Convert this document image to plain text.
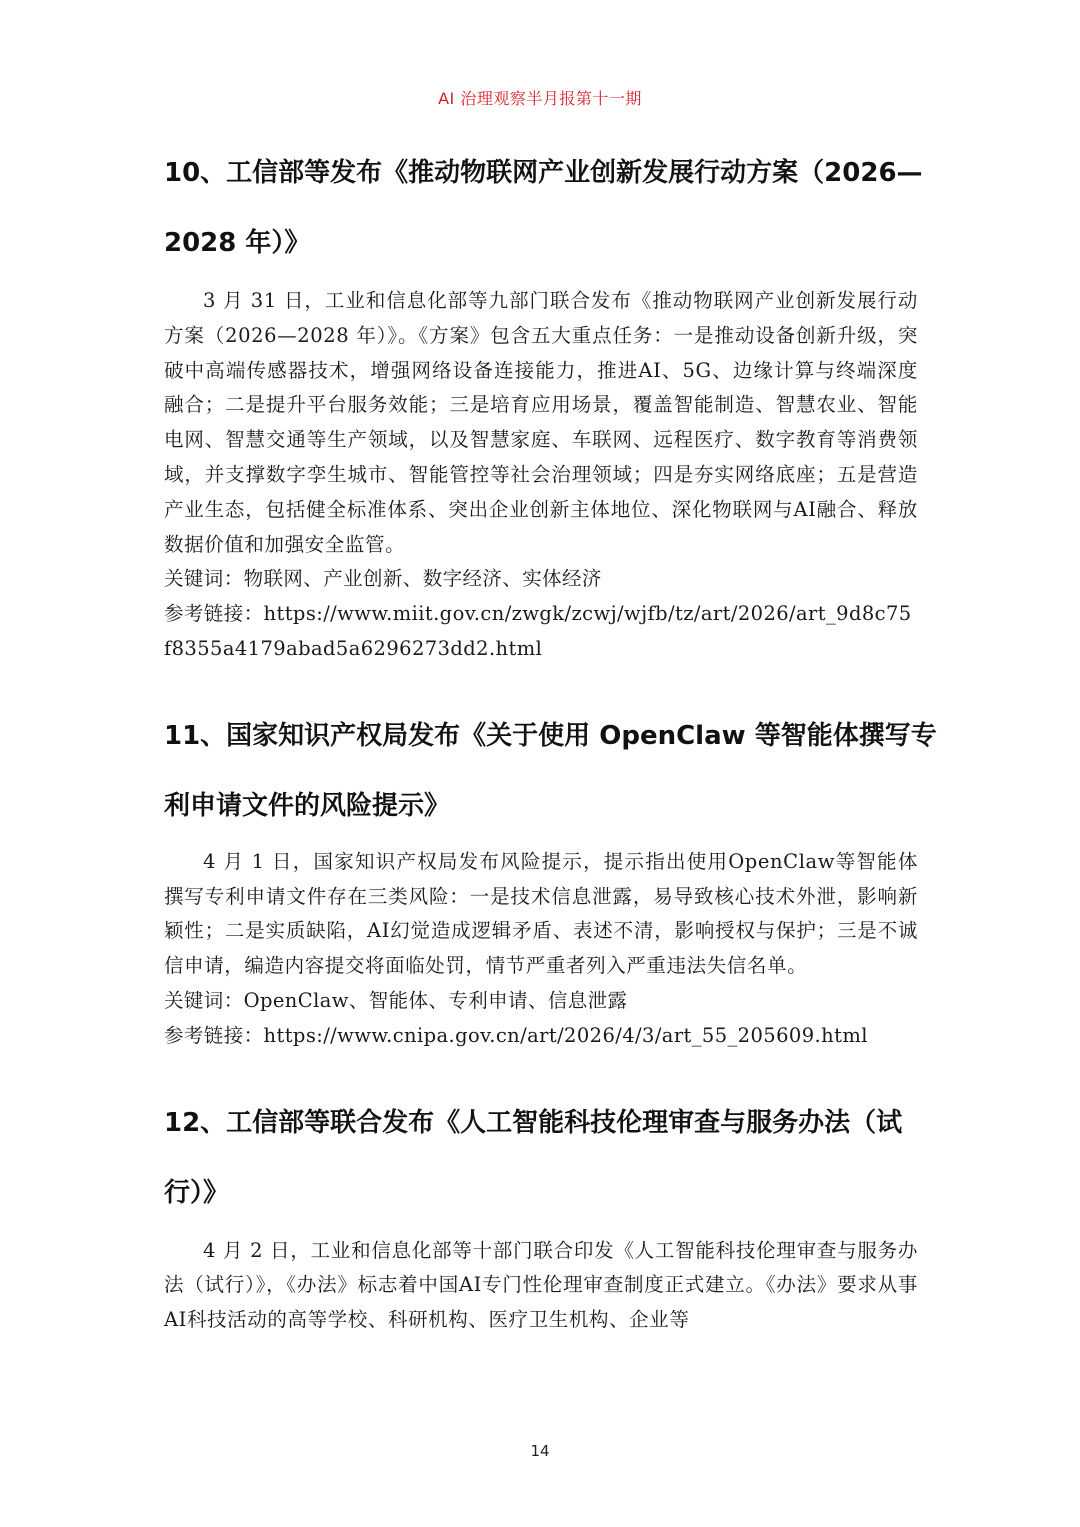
AI 治理观察半月报第十一期
10、工信部等发布《推动物联网产业创新发展行动方案（2026—
2028 年）》

3 月 31 日，工业和信息化部等九部门联合发布《推动物联网产业创新发展行动方案（2026—2028 年）》。《方案》包含五大重点任务：一是推动设备创新升级，突破中高端传感器技术，增强网络设备连接能力，推进AI、5G、边缘计算与终端深度融合；二是提升平台服务效能；三是培育应用场景，覆盖智能制造、智慧农业、智能电网、智慧交通等生产领域，以及智慧家庭、车联网、远程医疗、数字教育等消费领域，并支撑数字孪生城市、智能管控等社会治理领域；四是夯实网络底座；五是营造产业生态，包括健全标准体系、突出企业创新主体地位、深化物联网与AI融合、释放数据价值和加强安全监管。

关键词：物联网、产业创新、数字经济、实体经济

参考链接：https://www.miit.gov.cn/zwgk/zcwj/wjfb/tz/art/2026/art_9d8c75f8355a4179abad5a6296273dd2.html

11、国家知识产权局发布《关于使用 OpenClaw 等智能体撰写专
利申请文件的风险提示》

4 月 1 日，国家知识产权局发布风险提示，提示指出使用OpenClaw等智能体撰写专利申请文件存在三类风险：一是技术信息泄露，易导致核心技术外泄，影响新颖性；二是实质缺陷，AI幻觉造成逻辑矛盾、表述不清，影响授权与保护；三是不诚信申请，编造内容提交将面临处罚，情节严重者列入严重违法失信名单。

关键词：OpenClaw、智能体、专利申请、信息泄露

参考链接：https://www.cnipa.gov.cn/art/2026/4/3/art_55_205609.html

12、工信部等联合发布《人工智能科技伦理审查与服务办法（试
行）》

4 月 2 日，工业和信息化部等十部门联合印发《人工智能科技伦理审查与服务办法（试行）》，《办法》标志着中国AI专门性伦理审查制度正式建立。《办法》要求从事AI科技活动的高等学校、科研机构、医疗卫生机构、企业等

14
